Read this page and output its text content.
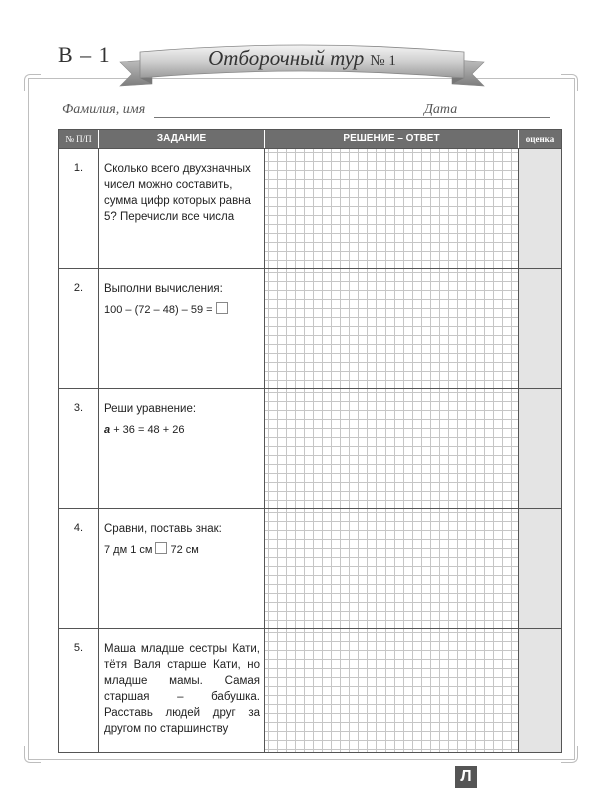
В – 1	Отборочный тур № 1
Фамилия, имя	Дата
№ П/П	ЗАДАНИЕ	РЕШЕНИЕ – ОТВЕТ	оценка
1.	Сколько всего двухзначных чисел можно составить, сумма цифр которых равна 5? Перечисли все числа
2.	Выполни вычисления:
100 – (72 – 48) – 59 =
3.	Реши уравнение:
а + 36 = 48 + 26
4.	Сравни, поставь знак:
7 дм 1 см 72 см
5.	Маша младше сестры Кати, тётя Валя старше Кати, но младше мамы. Самая старшая – бабушка. Расставь людей друг за другом по старшинству
Л
